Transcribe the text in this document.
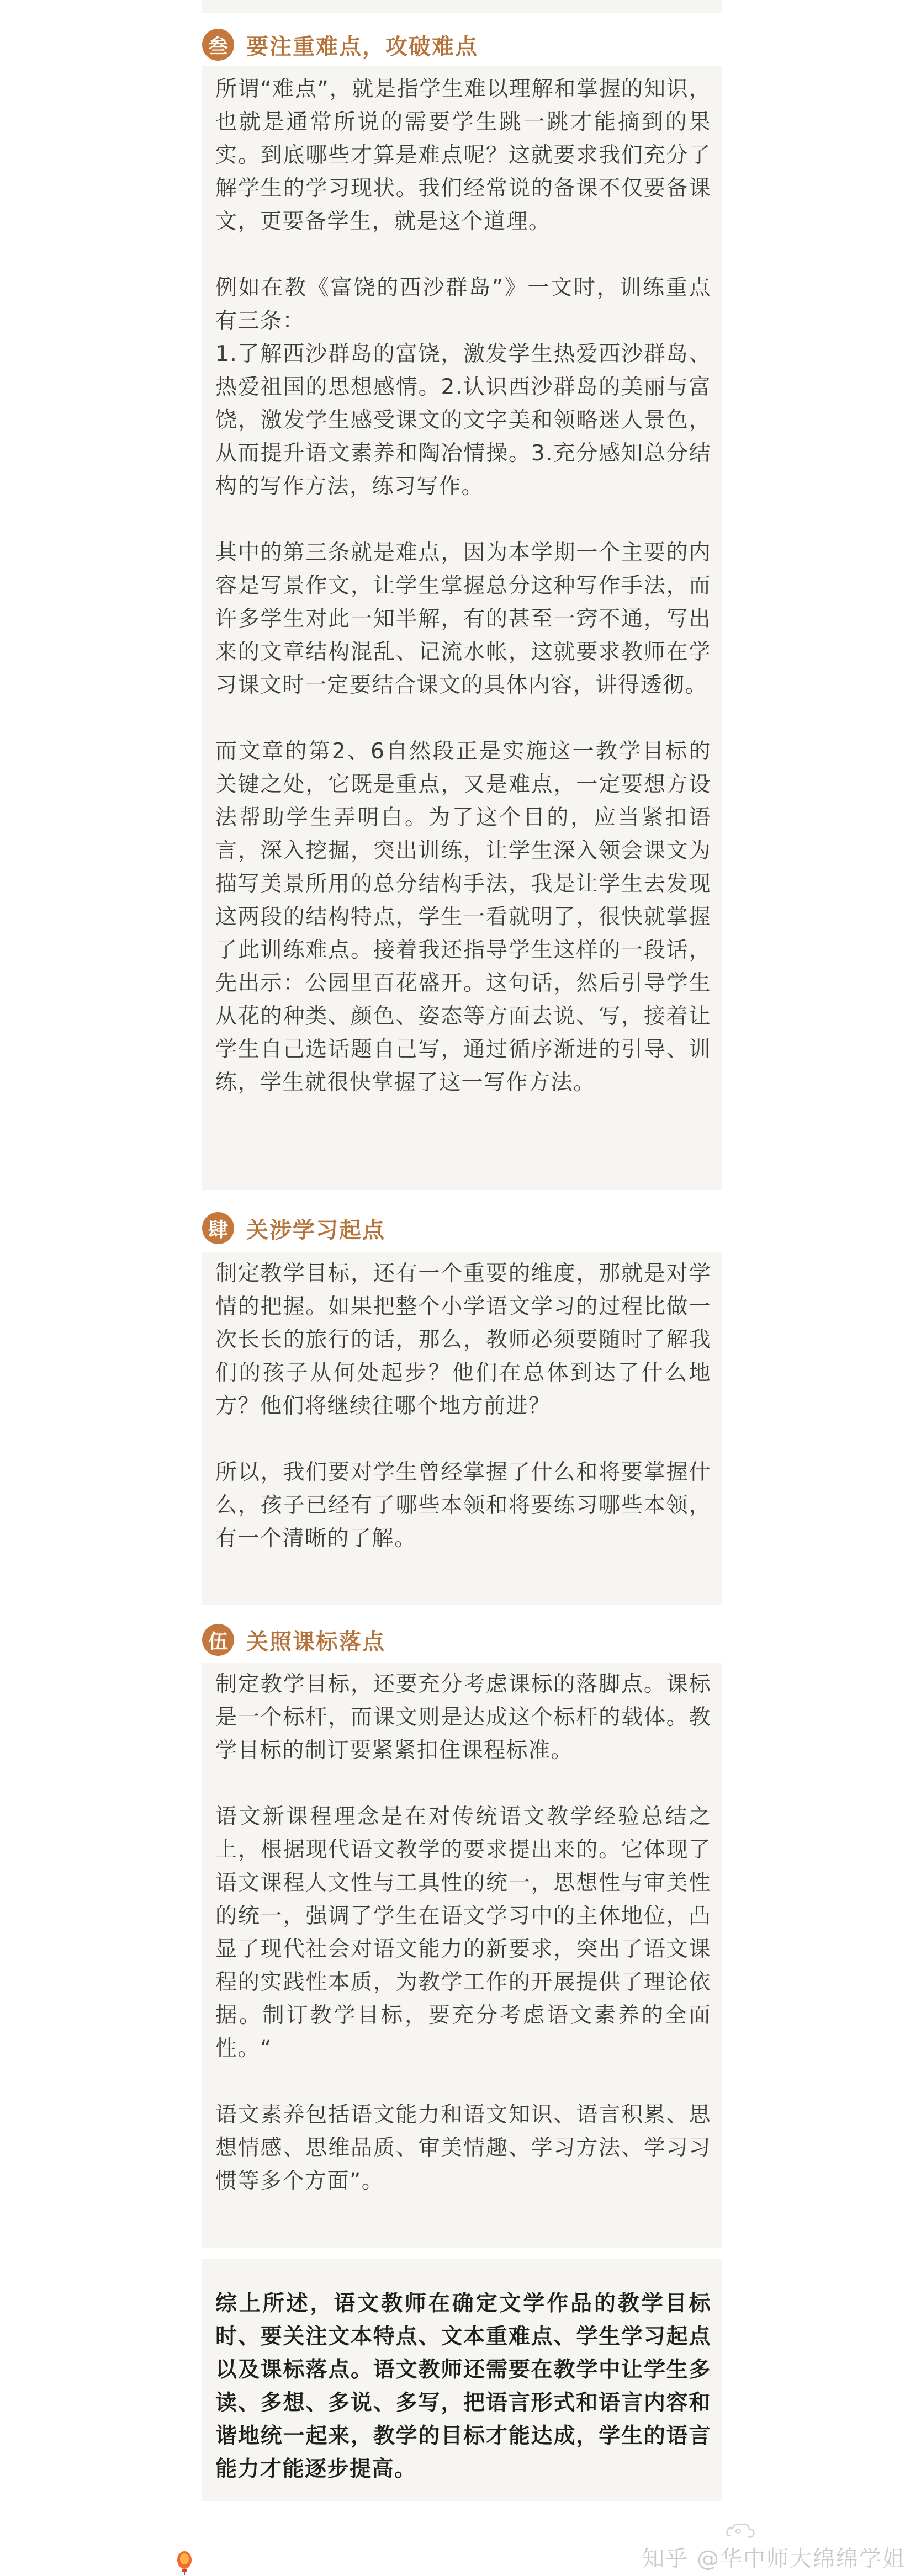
叁 要注重难点，攻破难点

所谓“难点”，就是指学生难以理解和掌握的知识，也就是通常所说的需要学生跳一跳才能摘到的果实。到底哪些才算是难点呢？这就要求我们充分了解学生的学习现状。我们经常说的备课不仅要备课文，更要备学生，就是这个道理。

例如在教《富饶的西沙群岛”》一文时，训练重点有三条：
1.了解西沙群岛的富饶，激发学生热爱西沙群岛、热爱祖国的思想感情。2.认识西沙群岛的美丽与富饶，激发学生感受课文的文字美和领略迷人景色，从而提升语文素养和陶冶情操。3.充分感知总分结构的写作方法，练习写作。

其中的第三条就是难点，因为本学期一个主要的内容是写景作文，让学生掌握总分这种写作手法，而许多学生对此一知半解，有的甚至一窍不通，写出来的文章结构混乱、记流水帐，这就要求教师在学习课文时一定要结合课文的具体内容，讲得透彻。

而文章的第2、6自然段正是实施这一教学目标的关键之处，它既是重点，又是难点，一定要想方设法帮助学生弄明白。为了这个目的，应当紧扣语言，深入挖掘，突出训练，让学生深入领会课文为描写美景所用的总分结构手法，我是让学生去发现这两段的结构特点，学生一看就明了，很快就掌握了此训练难点。接着我还指导学生这样的一段话，先出示：公园里百花盛开。这句话，然后引导学生从花的种类、颜色、姿态等方面去说、写，接着让学生自己选话题自己写，通过循序渐进的引导、训练，学生就很快掌握了这一写作方法。

肆 关涉学习起点

制定教学目标，还有一个重要的维度，那就是对学情的把握。如果把整个小学语文学习的过程比做一次长长的旅行的话，那么，教师必须要随时了解我们的孩子从何处起步？他们在总体到达了什么地方？他们将继续往哪个地方前进？

所以，我们要对学生曾经掌握了什么和将要掌握什么，孩子已经有了哪些本领和将要练习哪些本领，有一个清晰的了解。

伍 关照课标落点

制定教学目标，还要充分考虑课标的落脚点。课标是一个标杆，而课文则是达成这个标杆的载体。教学目标的制订要紧紧扣住课程标准。

语文新课程理念是在对传统语文教学经验总结之上，根据现代语文教学的要求提出来的。它体现了语文课程人文性与工具性的统一，思想性与审美性的统一，强调了学生在语文学习中的主体地位，凸显了现代社会对语文能力的新要求，突出了语文课程的实践性本质，为教学工作的开展提供了理论依据。制订教学目标，要充分考虑语文素养的全面性。“

语文素养包括语文能力和语文知识、语言积累、思想情感、思维品质、审美情趣、学习方法、学习习惯等多个方面”。

综上所述，语文教师在确定文学作品的教学目标时、要关注文本特点、文本重难点、学生学习起点以及课标落点。语文教师还需要在教学中让学生多读、多想、多说、多写，把语言形式和语言内容和谐地统一起来，教学的目标才能达成，学生的语言能力才能逐步提高。

知乎 @华中师大绵绵学姐
